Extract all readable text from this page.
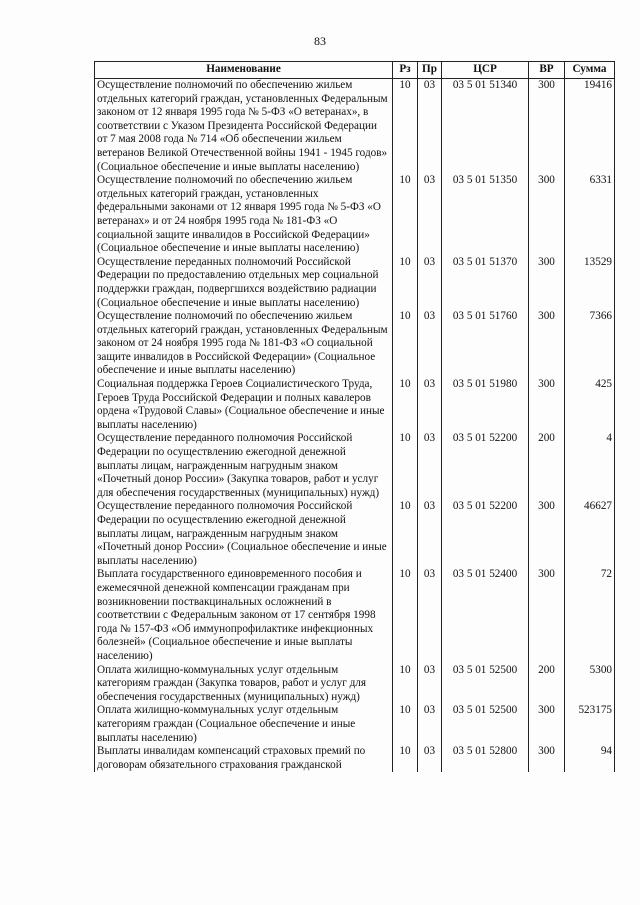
83
Наименование	Рз	Пр	ЦСР	ВР	Сумма
Осуществление полномочий по обеспечению жильем отдельных категорий граждан, установленных Федеральным законом от 12 января 1995 года № 5-ФЗ «О ветеранах», в соответствии с Указом Президента Российской Федерации от 7 мая 2008 года № 714 «Об обеспечении жильем ветеранов Великой Отечественной войны 1941 - 1945 годов» (Социальное обеспечение и иные выплаты населению)	10	03	03 5 01 51340	300	19416
Осуществление полномочий по обеспечению жильем отдельных категорий граждан, установленных федеральными законами от 12 января 1995 года № 5-ФЗ «О ветеранах» и от 24 ноября 1995 года № 181-ФЗ «О социальной защите инвалидов в Российской Федерации» (Социальное обеспечение и иные выплаты населению)	10	03	03 5 01 51350	300	6331
Осуществление переданных полномочий Российской Федерации по предоставлению отдельных мер социальной поддержки граждан, подвергшихся воздействию радиации (Социальное обеспечение и иные выплаты населению)	10	03	03 5 01 51370	300	13529
Осуществление полномочий по обеспечению жильем отдельных категорий граждан, установленных Федеральным законом от 24 ноября 1995 года № 181-ФЗ «О социальной защите инвалидов в Российской Федерации» (Социальное обеспечение и иные выплаты населению)	10	03	03 5 01 51760	300	7366
Социальная поддержка Героев Социалистического Труда, Героев Труда Российской Федерации и полных кавалеров ордена «Трудовой Славы» (Социальное обеспечение и иные выплаты населению)	10	03	03 5 01 51980	300	425
Осуществление переданного полномочия Российской Федерации по осуществлению ежегодной денежной выплаты лицам, награжденным нагрудным знаком «Почетный донор России» (Закупка товаров, работ и услуг для обеспечения государственных (муниципальных) нужд)	10	03	03 5 01 52200	200	4
Осуществление переданного полномочия Российской Федерации по осуществлению ежегодной денежной выплаты лицам, награжденным нагрудным знаком «Почетный донор России» (Социальное обеспечение и иные выплаты населению)	10	03	03 5 01 52200	300	46627
Выплата государственного единовременного пособия и ежемесячной денежной компенсации гражданам при возникновении поствакцинальных осложнений в соответствии с Федеральным законом от 17 сентября 1998 года № 157-ФЗ «Об иммунопрофилактике инфекционных болезней» (Социальное обеспечение и иные выплаты населению)	10	03	03 5 01 52400	300	72
Оплата жилищно-коммунальных услуг отдельным категориям граждан (Закупка товаров, работ и услуг для обеспечения государственных (муниципальных) нужд)	10	03	03 5 01 52500	200	5300
Оплата жилищно-коммунальных услуг отдельным категориям граждан (Социальное обеспечение и иные выплаты населению)	10	03	03 5 01 52500	300	523175
Выплаты инвалидам компенсаций страховых премий по договорам обязательного страхования гражданской	10	03	03 5 01 52800	300	94
